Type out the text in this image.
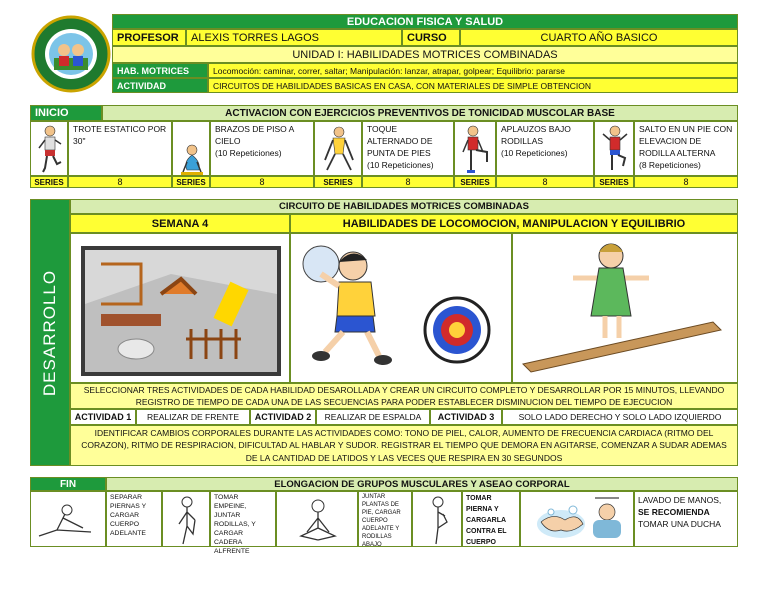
EDUCACION FISICA Y SALUD
PROFESOR	ALEXIS TORRES LAGOS	CURSO	CUARTO AÑO BASICO
UNIDAD I: HABILIDADES MOTRICES COMBINADAS
HAB. MOTRICES	Locomoción: caminar, correr, saltar; Manipulación: lanzar, atrapar, golpear; Equilibrio: pararse
ACTIVIDAD	CIRCUITOS DE HABILIDADES BASICAS EN CASA, CON MATERIALES DE SIMPLE OBTENCION
INICIO	ACTIVACION CON EJERCICIOS PREVENTIVOS DE TONICIDAD MUSCOLAR BASE
TROTE ESTATICO POR 30"
BRAZOS DE PISO A CIELO
(10 Repeticiones)
TOQUE ALTERNADO DE PUNTA DE PIES
(10 Repeticiones)
APLAUZOS BAJO RODILLAS
(10 Repeticiones)
SALTO EN UN PIE CON ELEVACION DE RODILLA ALTERNA
(8 Repeticiones)
SERIES	8	SERIES	8	SERIES	8	SERIES	8	SERIES	8
DESARROLLO
CIRCUITO DE HABILIDADES MOTRICES COMBINADAS
SEMANA 4	HABILIDADES DE LOCOMOCION, MANIPULACION Y EQUILIBRIO
SELECCIONAR TRES ACTIVIDADES DE CADA HABILIDAD DESAROLLADA Y CREAR UN CIRCUITO COMPLETO Y DESARROLLAR POR 15 MINUTOS, LLEVANDO REGISTRO DE TIEMPO DE CADA UNA DE LAS SECUENCIAS PARA PODER ESTABLECER DISMINUCION DEL TIEMPO DE EJECUCION
ACTIVIDAD 1	REALIZAR DE FRENTE	ACTIVIDAD 2	REALIZAR DE ESPALDA	ACTIVIDAD 3	SOLO LADO DERECHO Y SOLO LADO IZQUIERDO
IDENTIFICAR CAMBIOS CORPORALES DURANTE LAS ACTIVIDADES COMO: TONO DE PIEL, CALOR, AUMENTO DE FRECUENCIA CARDIACA (RITMO DEL CORAZON), RITMO DE RESPIRACION, DIFICULTAD AL HABLAR Y SUDOR. REGISTRAR EL TIEMPO QUE DEMORA EN AGITARSE, COMENZAR A SUDAR ADEMAS DE LA CANTIDAD DE LATIDOS Y LAS VECES QUE RESPIRA EN 30 SEGUNDOS
FIN	ELONGACION DE GRUPOS MUSCULARES Y ASEAO CORPORAL
SEPARAR PIERNAS Y CARGAR CUERPO ADELANTE
TOMAR EMPEINE, JUNTAR RODILLAS, Y CARGAR CADERA ALFRENTE
JUNTAR PLANTAS DE PIE, CARGAR CUERPO ADELANTE Y RODILLAS ABAJO
TOMAR PIERNA Y CARGARLA CONTRA EL CUERPO
LAVADO DE MANOS,
SE RECOMIENDA
TOMAR UNA DUCHA
